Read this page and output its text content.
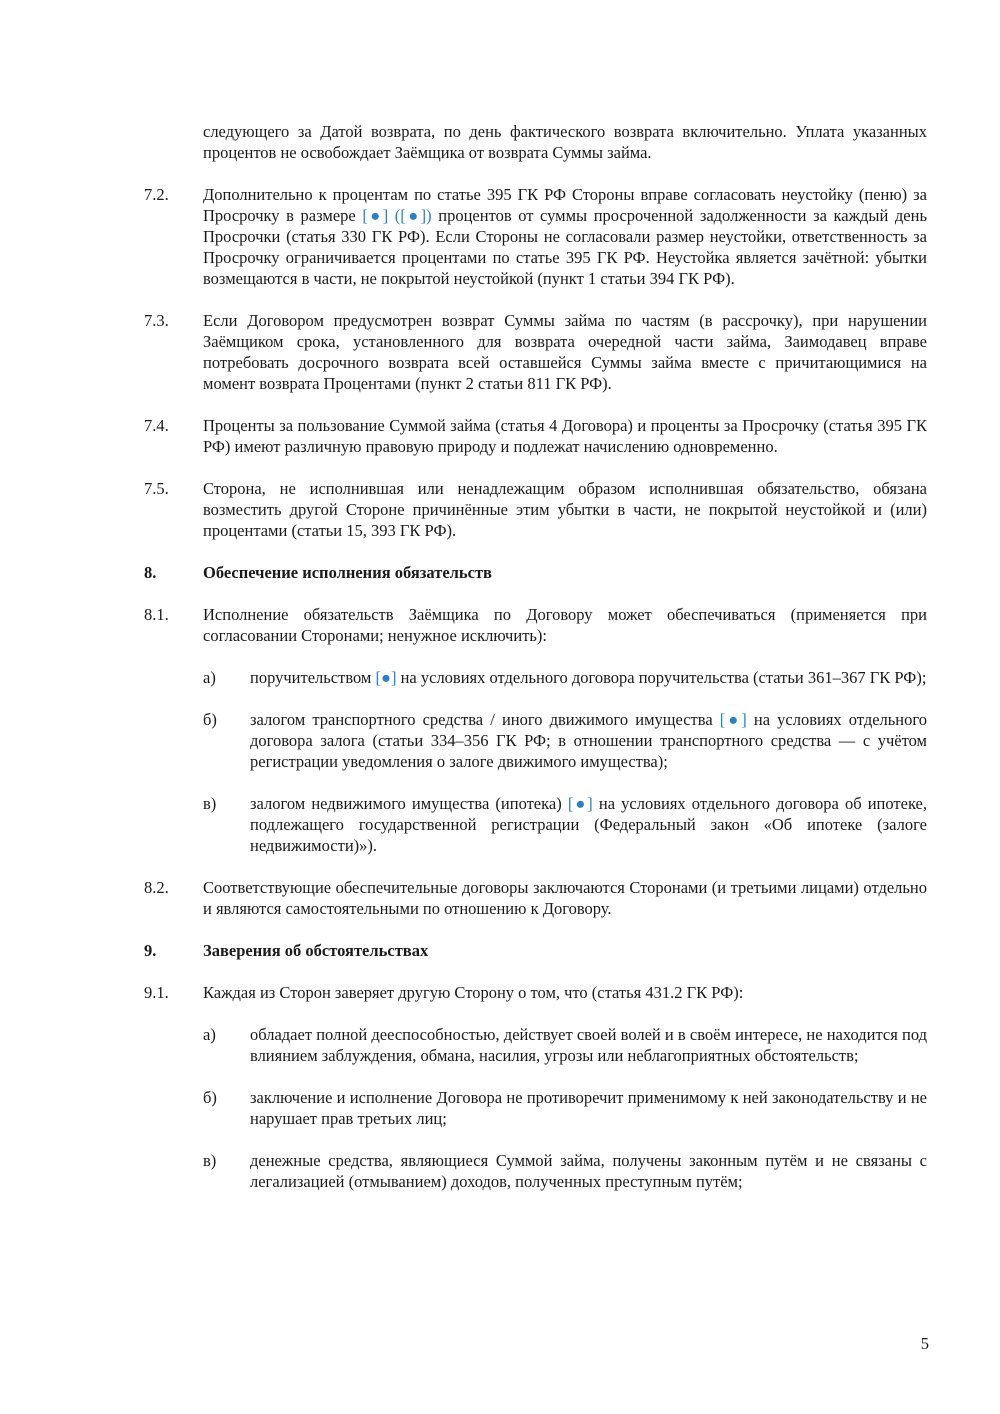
следующего за Датой возврата, по день фактического возврата включительно. Уплата указанных процентов не освобождает Заёмщика от возврата Суммы займа.

7.2.	Дополнительно к процентам по статье 395 ГК РФ Стороны вправе согласовать неустойку (пеню) за Просрочку в размере [●] ([●]) процентов от суммы просроченной задолженности за каждый день Просрочки (статья 330 ГК РФ). Если Стороны не согласовали размер неустойки, ответственность за Просрочку ограничивается процентами по статье 395 ГК РФ. Неустойка является зачётной: убытки возмещаются в части, не покрытой неустойкой (пункт 1 статьи 394 ГК РФ).
7.3.	Если Договором предусмотрен возврат Суммы займа по частям (в рассрочку), при нарушении Заёмщиком срока, установленного для возврата очередной части займа, Заимодавец вправе потребовать досрочного возврата всей оставшейся Суммы займа вместе с причитающимися на момент возврата Процентами (пункт 2 статьи 811 ГК РФ).
7.4.	Проценты за пользование Суммой займа (статья 4 Договора) и проценты за Просрочку (статья 395 ГК РФ) имеют различную правовую природу и подлежат начислению одновременно.
7.5.	Сторона, не исполнившая или ненадлежащим образом исполнившая обязательство, обязана возместить другой Стороне причинённые этим убытки в части, не покрытой неустойкой и (или) процентами (статьи 15, 393 ГК РФ).
8.	Обеспечение исполнения обязательств
8.1.	Исполнение обязательств Заёмщика по Договору может обеспечиваться (применяется при согласовании Сторонами; ненужное исключить):
а)	поручительством [●] на условиях отдельного договора поручительства (статьи 361–367 ГК РФ);
б)	залогом транспортного средства / иного движимого имущества [●] на условиях отдельного договора залога (статьи 334–356 ГК РФ; в отношении транспортного средства — с учётом регистрации уведомления о залоге движимого имущества);
в)	залогом недвижимого имущества (ипотека) [●] на условиях отдельного договора об ипотеке, подлежащего государственной регистрации (Федеральный закон «Об ипотеке (залоге недвижимости)»).
8.2.	Соответствующие обеспечительные договоры заключаются Сторонами (и третьими лицами) отдельно и являются самостоятельными по отношению к Договору.
9.	Заверения об обстоятельствах
9.1.	Каждая из Сторон заверяет другую Сторону о том, что (статья 431.2 ГК РФ):
а)	обладает полной дееспособностью, действует своей волей и в своём интересе, не находится под влиянием заблуждения, обмана, насилия, угрозы или неблагоприятных обстоятельств;
б)	заключение и исполнение Договора не противоречит применимому к ней законодательству и не нарушает прав третьих лиц;
в)	денежные средства, являющиеся Суммой займа, получены законным путём и не связаны с легализацией (отмыванием) доходов, полученных преступным путём;
5
